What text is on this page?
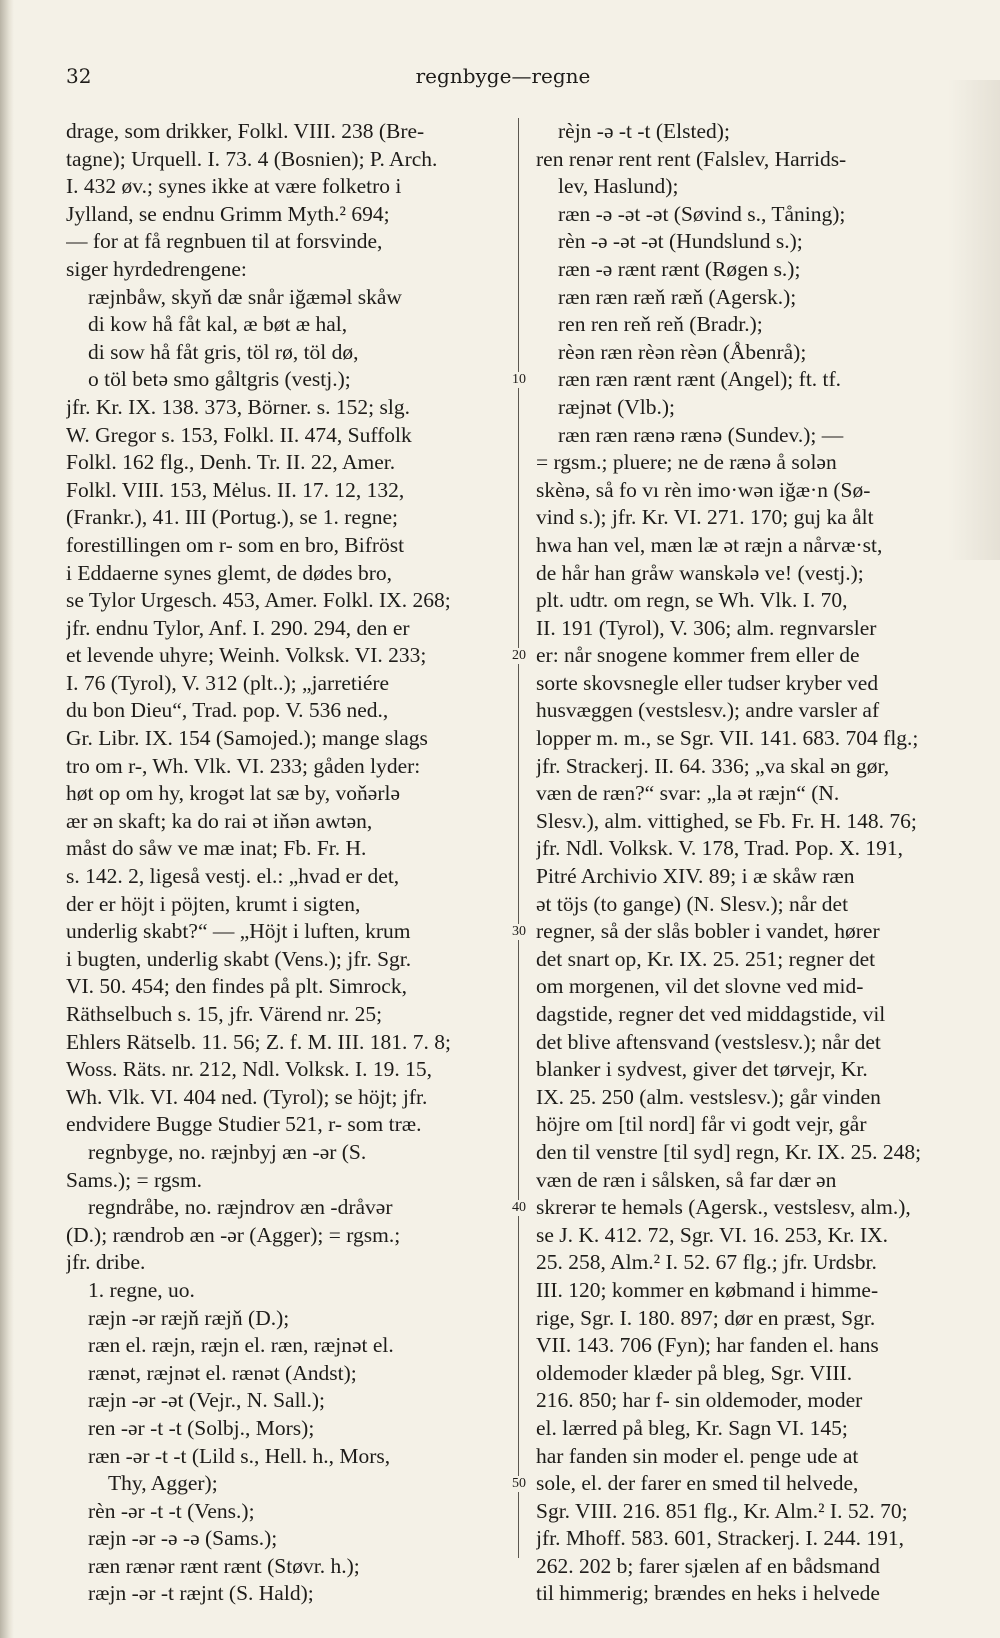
32	regnbyge—regne
drage, som drikker, Folkl. VIII. 238 (Bre-
tagne); Urquell. I. 73. 4 (Bosnien); P. Arch.
I. 432 øv.; synes ikke at være folketro i
Jylland, se endnu Grimm Myth.² 694;
— for at få regnbuen til at forsvinde,
siger hyrdedrengene:
ræjnbåw, skyň dæ snår iğæməl skåw
di kow hå fåt kal, æ bøt æ hal,
di sow hå fåt gris, töl rø, töl dø,
o töl betə smo gåltgris (vestj.);
jfr. Kr. IX. 138. 373, Börner. s. 152; slg.
W. Gregor s. 153, Folkl. II. 474, Suffolk
Folkl. 162 flg., Denh. Tr. II. 22, Amer.
Folkl. VIII. 153, Mėlus. II. 17. 12, 132,
(Frankr.), 41. III (Portug.), se 1. regne;
forestillingen om r- som en bro, Bifröst
i Eddaerne synes glemt, de dødes bro,
se Tylor Urgesch. 453, Amer. Folkl. IX. 268;
jfr. endnu Tylor, Anf. I. 290. 294, den er
et levende uhyre; Weinh. Volksk. VI. 233;
I. 76 (Tyrol), V. 312 (plt..); „jarretiére
du bon Dieu“, Trad. pop. V. 536 ned.,
Gr. Libr. IX. 154 (Samojed.); mange slags
tro om r-, Wh. Vlk. VI. 233; gåden lyder:
høt op om hy, krogət lat sæ by, voňərlə
ær ən skaft; ka do rai ət iňən awtən,
måst do såw ve mæ inat; Fb. Fr. H.
s. 142. 2, ligeså vestj. el.: „hvad er det,
der er höjt i pöjten, krumt i sigten,
underlig skabt?“ — „Höjt i luften, krum
i bugten, underlig skabt (Vens.); jfr. Sgr.
VI. 50. 454; den findes på plt. Simrock,
Räthselbuch s. 15, jfr. Värend nr. 25;
Ehlers Rätselb. 11. 56; Z. f. M. III. 181. 7. 8;
Woss. Räts. nr. 212, Ndl. Volksk. I. 19. 15,
Wh. Vlk. VI. 404 ned. (Tyrol); se höjt; jfr.
endvidere Bugge Studier 521, r- som træ.
regnbyge, no. ræjnbyj æn -ər (S.
Sams.); = rgsm.
regndråbe, no. ræjndrov æn -dråvər
(D.); rændrob æn -ər (Agger); = rgsm.;
jfr. dribe.
1. regne, uo.
ræjn -ər ræjň ræjň (D.);
ræn el. ræjn, ræjn el. ræn, ræjnət el.
rænət, ræjnət el. rænət (Andst);
ræjn -ər -ət (Vejr., N. Sall.);
ren -ər -t -t (Solbj., Mors);
ræn -ər -t -t (Lild s., Hell. h., Mors,
Thy, Agger);
rèn -ər -t -t (Vens.);
ræjn -ər -ə -ə (Sams.);
ræn rænər rænt rænt (Støvr. h.);
ræjn -ər -t ræjnt (S. Hald);
rèjn -ə -t -t (Elsted);
ren renər rent rent (Falslev, Harrids-
lev, Haslund);
ræn -ə -ət -ət (Søvind s., Tåning);
rèn -ə -ət -ət (Hundslund s.);
ræn -ə rænt rænt (Røgen s.);
ræn ræn ræň ræň (Agersk.);
ren ren reň reň (Bradr.);
rèən ræn rèən rèən (Åbenrå);
ræn ræn rænt rænt (Angel); ft. tf.
ræjnət (Vlb.);
ræn ræn rænə rænə (Sundev.); —
= rgsm.; pluere; ne de rænə å solən
skènə, så fo vı rèn imo·wən iğæ·n (Sø-
vind s.); jfr. Kr. VI. 271. 170; guj ka ålt
hwa han vel, mæn læ ət ræjn a nårvæ·st,
de hår han gråw wanskələ ve! (vestj.);
plt. udtr. om regn, se Wh. Vlk. I. 70,
II. 191 (Tyrol), V. 306; alm. regnvarsler
er: når snogene kommer frem eller de
sorte skovsnegle eller tudser kryber ved
husvæggen (vestslesv.); andre varsler af
lopper m. m., se Sgr. VII. 141. 683. 704 flg.;
jfr. Strackerj. II. 64. 336; „va skal ən gør,
væn de ræn?“ svar: „la ət ræjn“ (N.
Slesv.), alm. vittighed, se Fb. Fr. H. 148. 76;
jfr. Ndl. Volksk. V. 178, Trad. Pop. X. 191,
Pitré Archivio XIV. 89; i æ skåw ræn
ət töjs (to gange) (N. Slesv.); når det
regner, så der slås bobler i vandet, hører
det snart op, Kr. IX. 25. 251; regner det
om morgenen, vil det slovne ved mid-
dagstide, regner det ved middagstide, vil
det blive aftensvand (vestslesv.); når det
blanker i sydvest, giver det tørvejr, Kr.
IX. 25. 250 (alm. vestslesv.); går vinden
höjre om [til nord] får vi godt vejr, går
den til venstre [til syd] regn, Kr. IX. 25. 248;
væn de ræn i sålsken, så far dær ən
skrerər te heməls (Agersk., vestslesv, alm.),
se J. K. 412. 72, Sgr. VI. 16. 253, Kr. IX.
25. 258, Alm.² I. 52. 67 flg.; jfr. Urdsbr.
III. 120; kommer en købmand i himme-
rige, Sgr. I. 180. 897; dør en præst, Sgr.
VII. 143. 706 (Fyn); har fanden el. hans
oldemoder klæder på bleg, Sgr. VIII.
216. 850; har f- sin oldemoder, moder
el. lærred på bleg, Kr. Sagn VI. 145;
har fanden sin moder el. penge ude at
sole, el. der farer en smed til helvede,
Sgr. VIII. 216. 851 flg., Kr. Alm.² I. 52. 70;
jfr. Mhoff. 583. 601, Strackerj. I. 244. 191,
262. 202 b; farer sjælen af en bådsmand
til himmerig; brændes en heks i helvede
10
20
30
40
50
